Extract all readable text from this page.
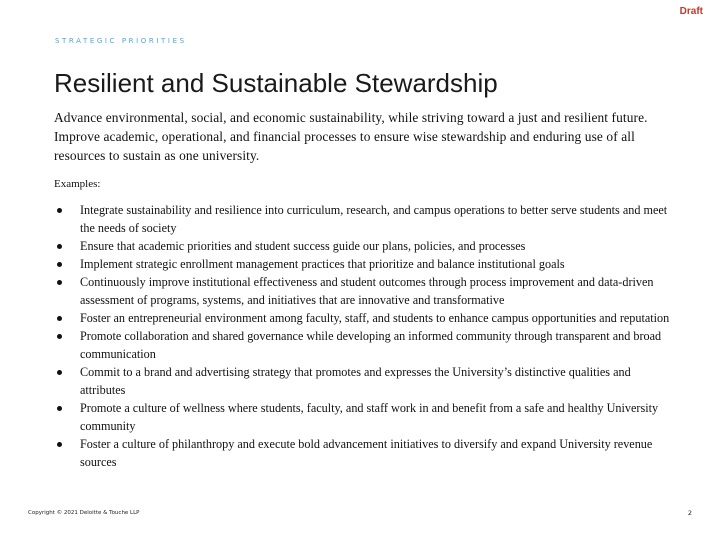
Draft
STRATEGIC PRIORITIES
Resilient and Sustainable Stewardship
Advance environmental, social, and economic sustainability, while striving toward a just and resilient future. Improve academic, operational, and financial processes to ensure wise stewardship and enduring use of all resources to sustain as one university.
Examples:
Integrate sustainability and resilience into curriculum, research, and campus operations to better serve students and meet the needs of society
Ensure that academic priorities and student success guide our plans, policies, and processes
Implement strategic enrollment management practices that prioritize and balance institutional goals
Continuously improve institutional effectiveness and student outcomes through process improvement and data-driven assessment of programs, systems, and initiatives that are innovative and transformative
Foster an entrepreneurial environment among faculty, staff, and students to enhance campus opportunities and reputation
Promote collaboration and shared governance while developing an informed community through transparent and broad communication
Commit to a brand and advertising strategy that promotes and expresses the University’s distinctive qualities and attributes
Promote a culture of wellness where students, faculty, and staff work in and benefit from a safe and healthy University community
Foster a culture of philanthropy and execute bold advancement initiatives to diversify and expand University revenue sources
Copyright © 2021 Deloitte & Touche LLP	2
